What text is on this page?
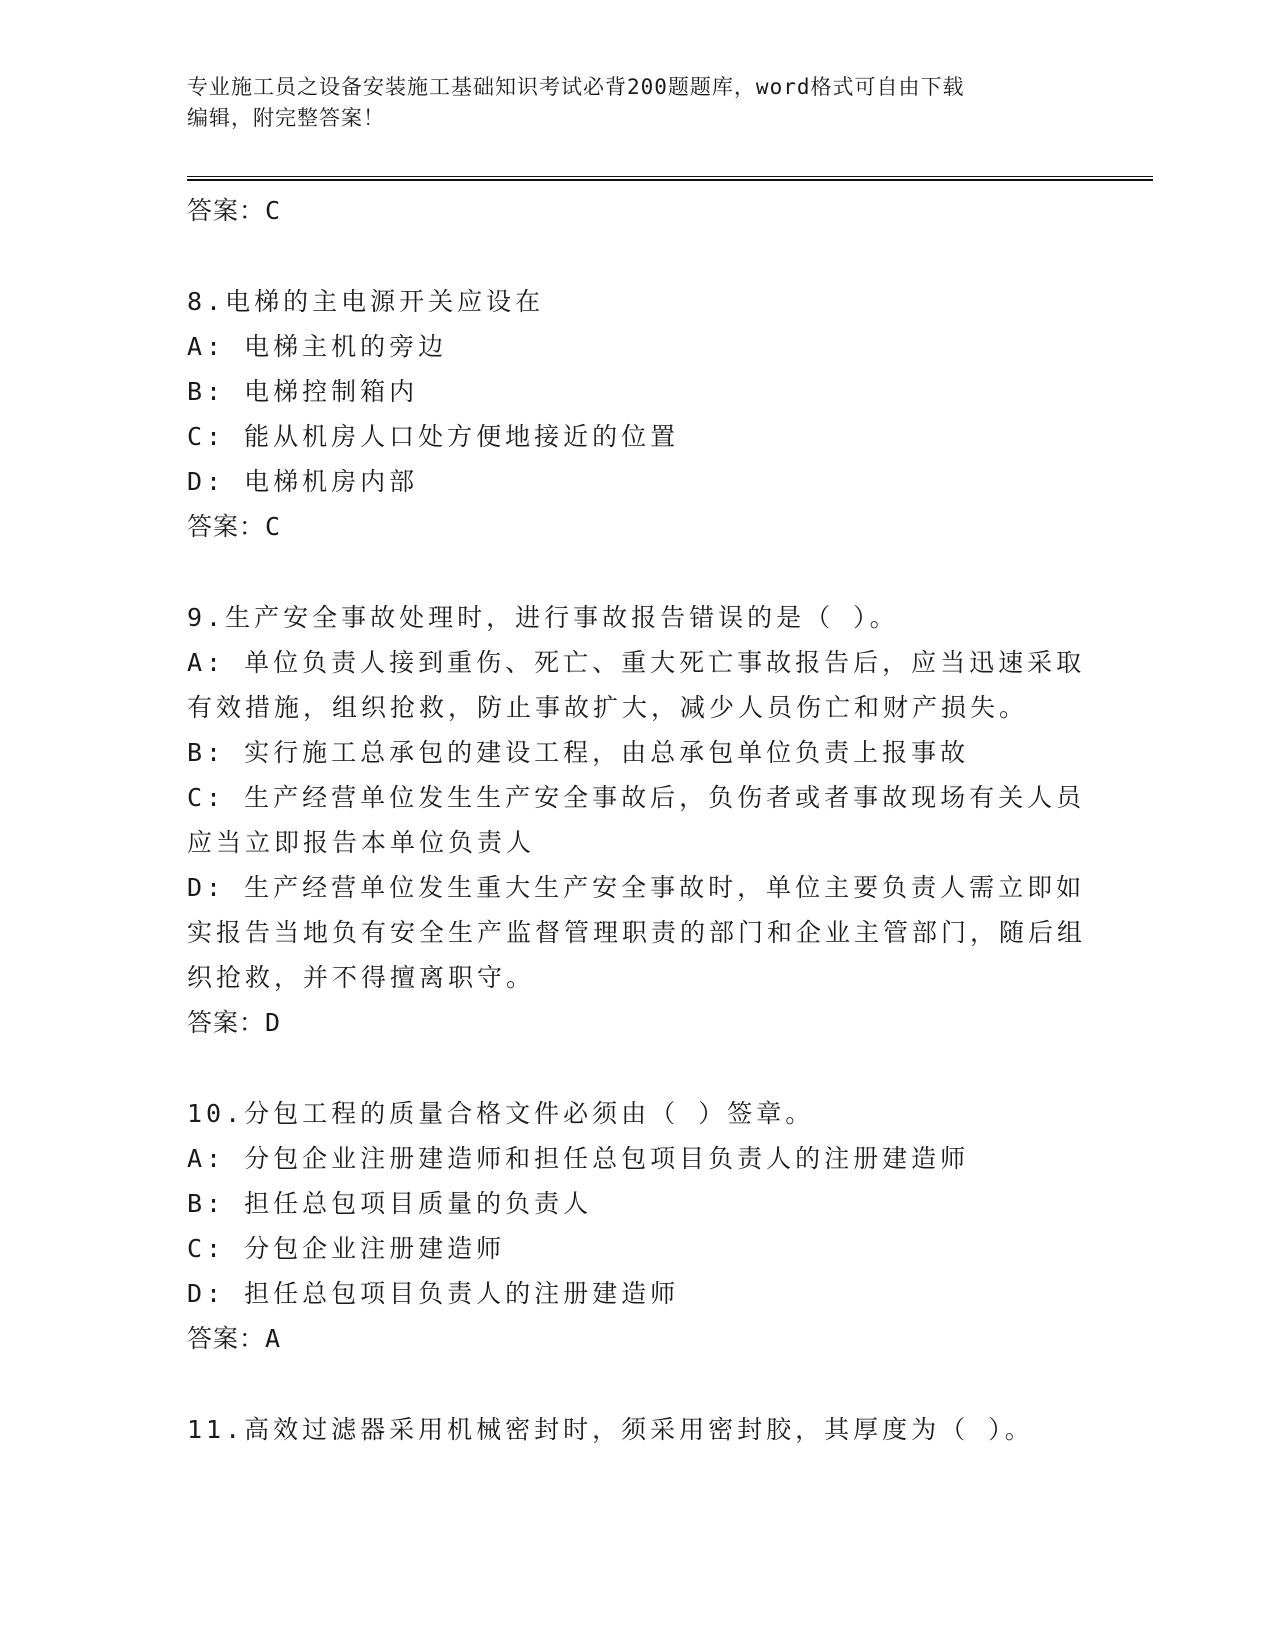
专业施工员之设备安装施工基础知识考试必背200题题库，word格式可自由下载
编辑，附完整答案！
答案：C
8.电梯的主电源开关应设在
A: 电梯主机的旁边
B: 电梯控制箱内
C: 能从机房人口处方便地接近的位置
D: 电梯机房内部
答案：C
9.生产安全事故处理时，进行事故报告错误的是（ ）。
A: 单位负责人接到重伤、死亡、重大死亡事故报告后，应当迅速采取有效措施，组织抢救，防止事故扩大，减少人员伤亡和财产损失。
B: 实行施工总承包的建设工程，由总承包单位负责上报事故
C: 生产经营单位发生生产安全事故后，负伤者或者事故现场有关人员应当立即报告本单位负责人
D: 生产经营单位发生重大生产安全事故时，单位主要负责人需立即如实报告当地负有安全生产监督管理职责的部门和企业主管部门，随后组织抢救，并不得擅离职守。
答案：D
10.分包工程的质量合格文件必须由（ ）签章。
A: 分包企业注册建造师和担任总包项目负责人的注册建造师
B: 担任总包项目质量的负责人
C: 分包企业注册建造师
D: 担任总包项目负责人的注册建造师
答案：A
11.高效过滤器采用机械密封时，须采用密封胶，其厚度为（ ）。
